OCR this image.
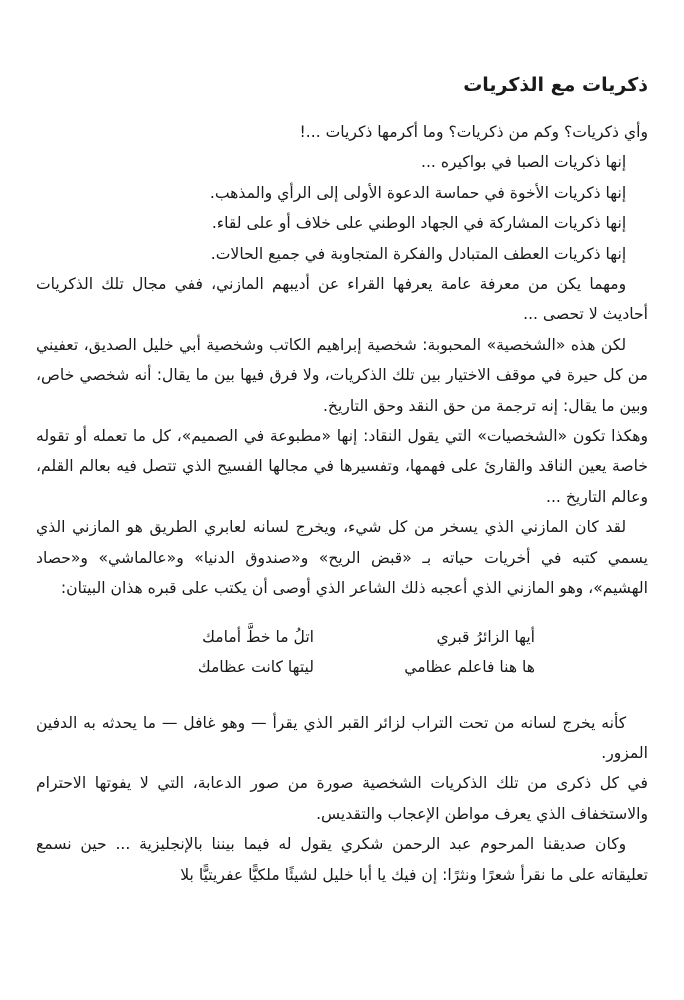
ذكريات مع الذكريات

وأي ذكريات؟ وكم من ذكريات؟ وما أكرمها ذكريات ...!

إنها ذكريات الصبا في بواكيره ...

إنها ذكريات الأخوة في حماسة الدعوة الأولى إلى الرأي والمذهب.

إنها ذكريات المشاركة في الجهاد الوطني على خلاف أو على لقاء.

إنها ذكريات العطف المتبادل والفكرة المتجاوبة في جميع الحالات.

ومهما يكن من معرفة عامة يعرفها القراء عن أديبهم المازني، ففي مجال تلك الذكريات أحاديث لا تحصى ...

لكن هذه «الشخصية» المحبوبة: شخصية إبراهيم الكاتب وشخصية أبي خليل الصديق، تعفيني من كل حيرة في موقف الاختيار بين تلك الذكريات، ولا فرق فيها بين ما يقال: أنه شخصي خاص، وبين ما يقال: إنه ترجمة من حق النقد وحق التاريخ.

وهكذا تكون «الشخصيات» التي يقول النقاد: إنها «مطبوعة في الصميم»، كل ما تعمله أو تقوله خاصة يعين الناقد والقارئ على فهمها، وتفسيرها في مجالها الفسيح الذي تتصل فيه بعالم القلم، وعالم التاريخ ...

لقد كان المازني الذي يسخر من كل شيء، ويخرج لسانه لعابري الطريق هو المازني الذي يسمي كتبه في أخريات حياته بـ «قبض الريح» و«صندوق الدنيا» و«عالماشي» و«حصاد الهشيم»، وهو المازني الذي أعجبه ذلك الشاعر الذي أوصى أن يكتب على قبره هذان البيتان:

أيها الزائرُ قبري
اتلُ ما خطَّ أمامك
ها هنا فاعلم عظامي
ليتها كانت عظامك

كأنه يخرج لسانه من تحت التراب لزائر القبر الذي يقرأ — وهو غافل — ما يحدثه به الدفين المزور.

في كل ذكرى من تلك الذكريات الشخصية صورة من صور الدعابة، التي لا يفوتها الاحترام والاستخفاف الذي يعرف مواطن الإعجاب والتقديس.

وكان صديقنا المرحوم عبد الرحمن شكري يقول له فيما بيننا بالإنجليزية ... حين نسمع تعليقاته على ما نقرأ شعرًا ونثرًا: إن فيك يا أبا خليل لشيئًا ملكيًّا عفريتيًّا بلا
